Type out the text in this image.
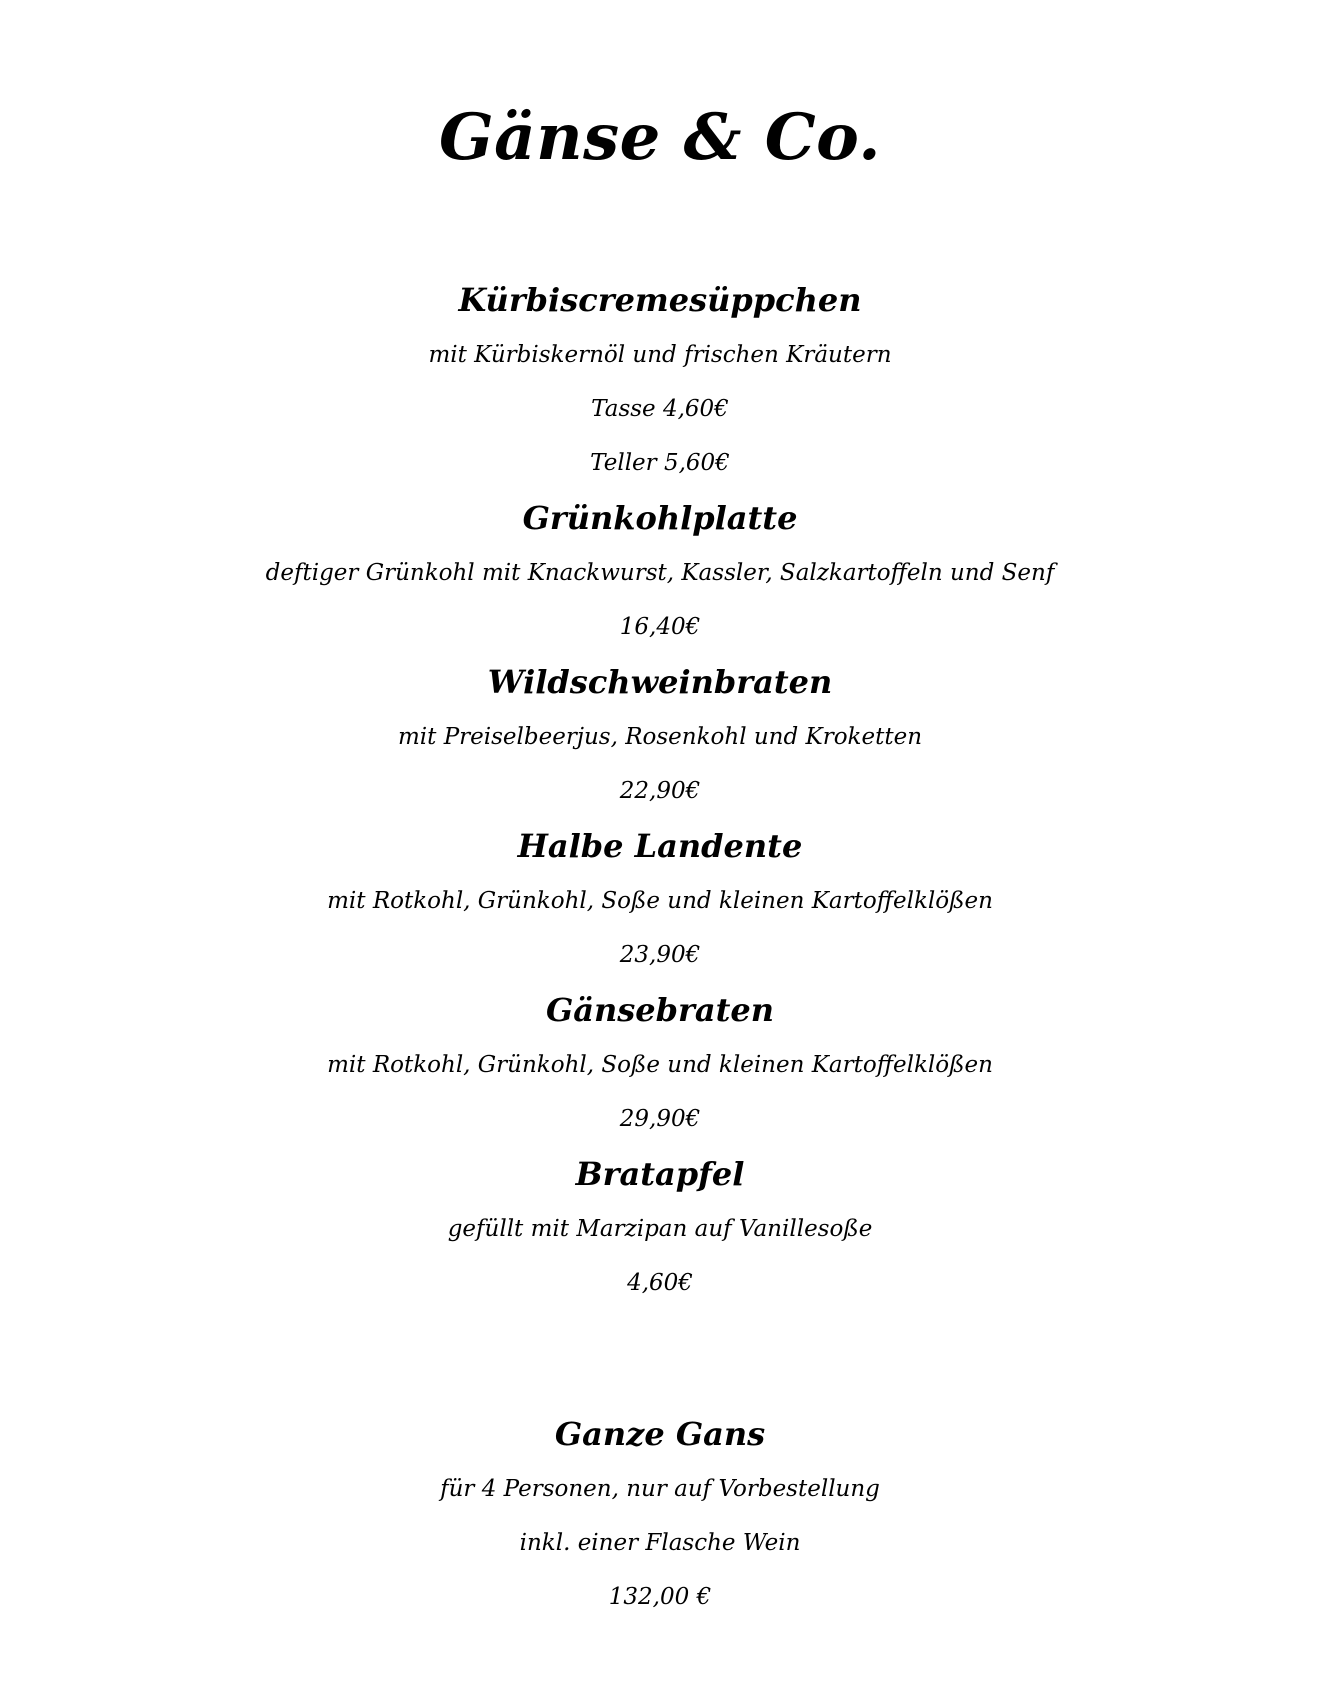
Gänse & Co.
Kürbiscremesüppchen
mit Kürbiskernöl und frischen Kräutern
Tasse 4,60€
Teller 5,60€
Grünkohlplatte
deftiger Grünkohl mit Knackwurst, Kassler, Salzkartoffeln und Senf
16,40€
Wildschweinbraten
mit Preiselbeerjus, Rosenkohl und Kroketten
22,90€
Halbe Landente
mit Rotkohl, Grünkohl, Soße und kleinen Kartoffelklößen
23,90€
Gänsebraten
mit Rotkohl, Grünkohl, Soße und kleinen Kartoffelklößen
29,90€
Bratapfel
gefüllt mit Marzipan auf Vanillesoße
4,60€
Ganze Gans
für 4 Personen, nur auf Vorbestellung
inkl. einer Flasche Wein
132,00 €
